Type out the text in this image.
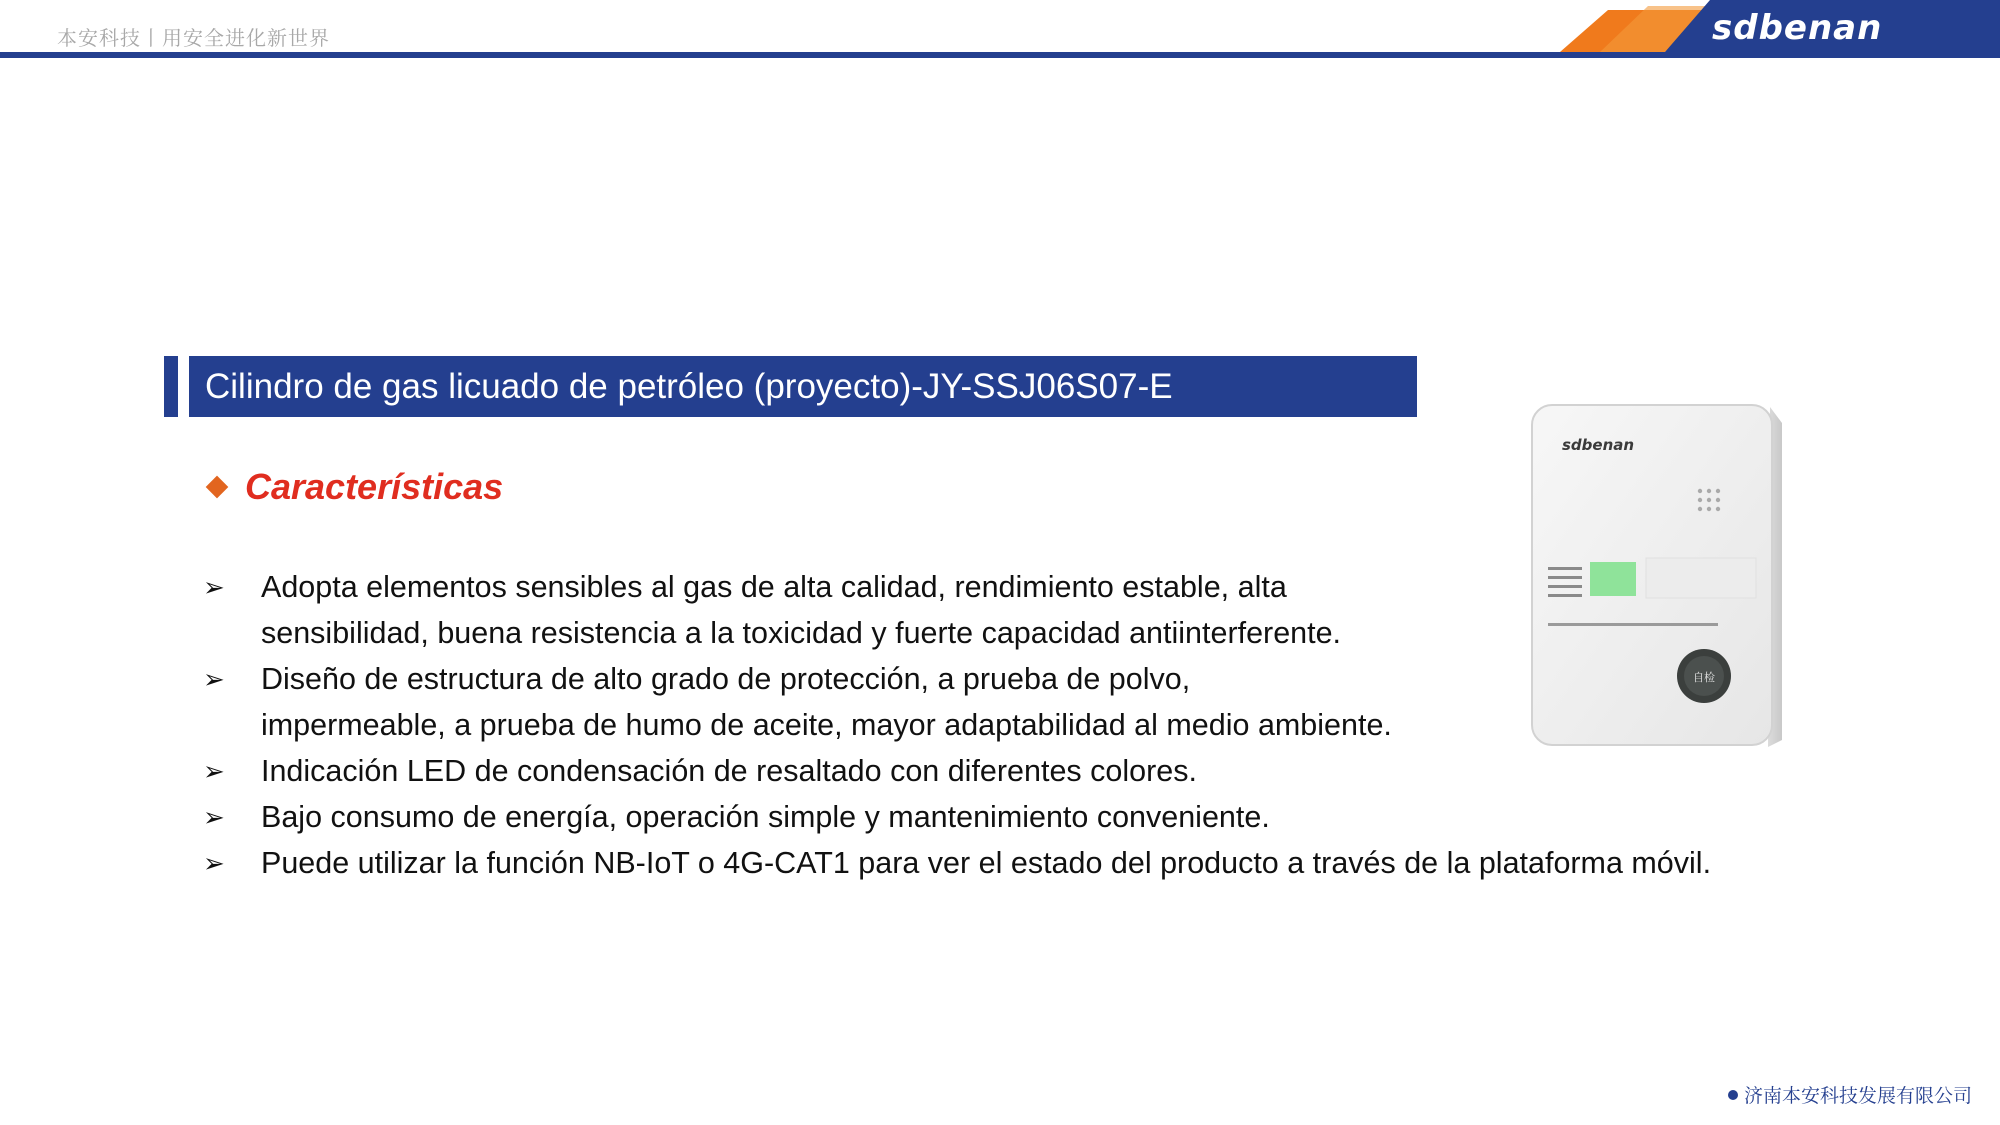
本安科技丨用安全进化新世界	sdbenan
Cilindro de gas licuado de petróleo (proyecto)-JY-SSJ06S07-E
Características
➢ Adopta elementos sensibles al gas de alta calidad, rendimiento estable, alta
sensibilidad, buena resistencia a la toxicidad y fuerte capacidad antiinterferente.
➢ Diseño de estructura de alto grado de protección, a prueba de polvo,
impermeable, a prueba de humo de aceite, mayor adaptabilidad al medio ambiente.
➢ Indicación LED de condensación de resaltado con diferentes colores.
➢ Bajo consumo de energía, operación simple y mantenimiento conveniente.
➢ Puede utilizar la función NB-IoT o 4G-CAT1 para ver el estado del producto a través de la plataforma móvil.
sdbenan
自检
济南本安科技发展有限公司
